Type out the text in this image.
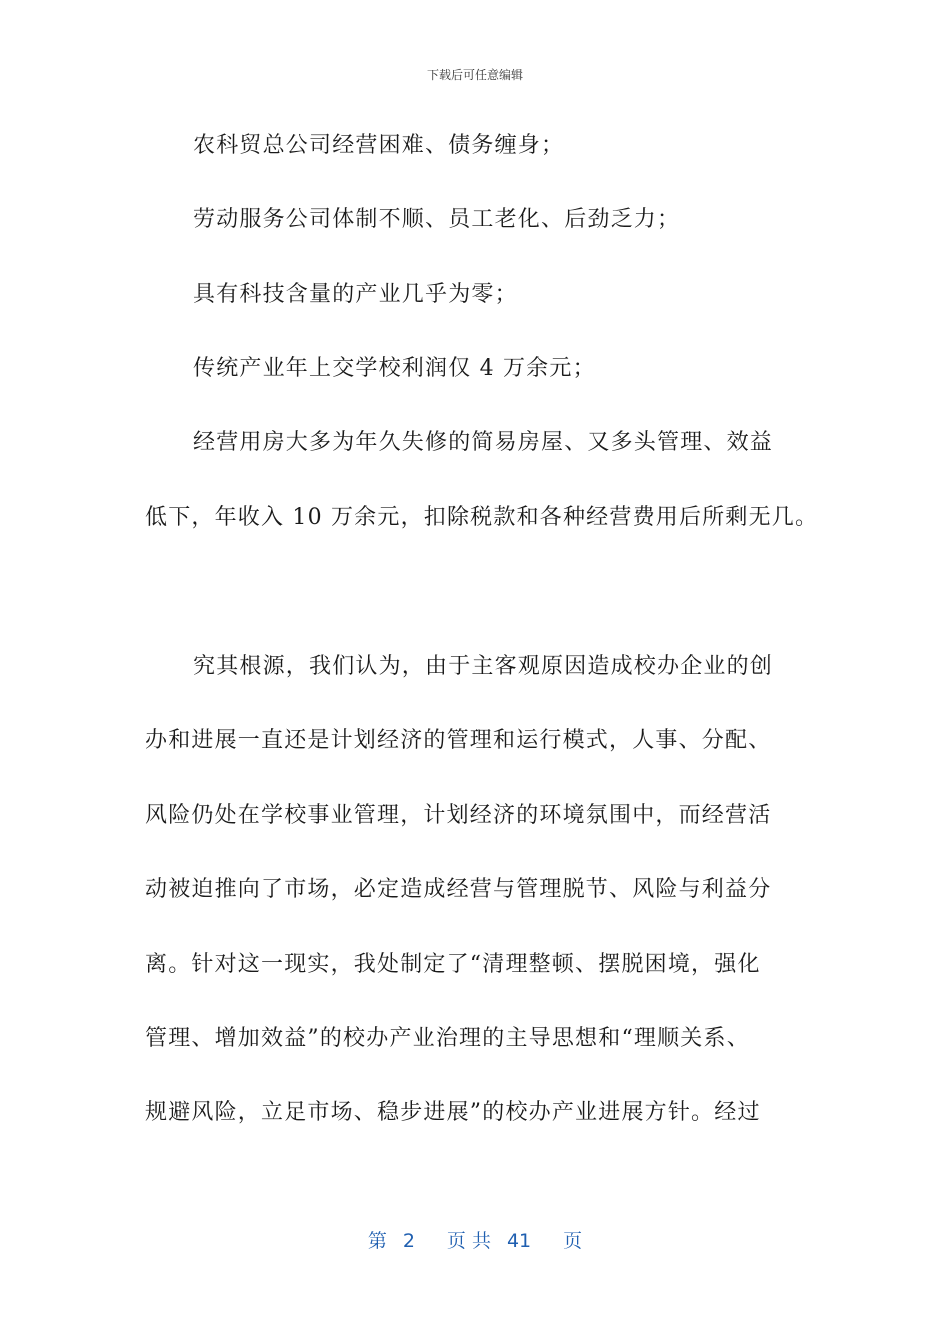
下载后可任意编辑
农科贸总公司经营困难、债务缠身；
劳动服务公司体制不顺、员工老化、后劲乏力；
具有科技含量的产业几乎为零；
传统产业年上交学校利润仅 4 万余元；
经营用房大多为年久失修的简易房屋、又多头管理、效益
低下，年收入 10 万余元，扣除税款和各种经营费用后所剩无几。
究其根源，我们认为，由于主客观原因造成校办企业的创
办和进展一直还是计划经济的管理和运行模式，人事、分配、
风险仍处在学校事业管理，计划经济的环境氛围中，而经营活
动被迫推向了市场，必定造成经营与管理脱节、风险与利益分
离。针对这一现实，我处制定了“清理整顿、摆脱困境，强化
管理、增加效益”的校办产业治理的主导思想和“理顺关系、
规避风险，立足市场、稳步进展”的校办产业进展方针。经过
第 2 页 共 41 页
